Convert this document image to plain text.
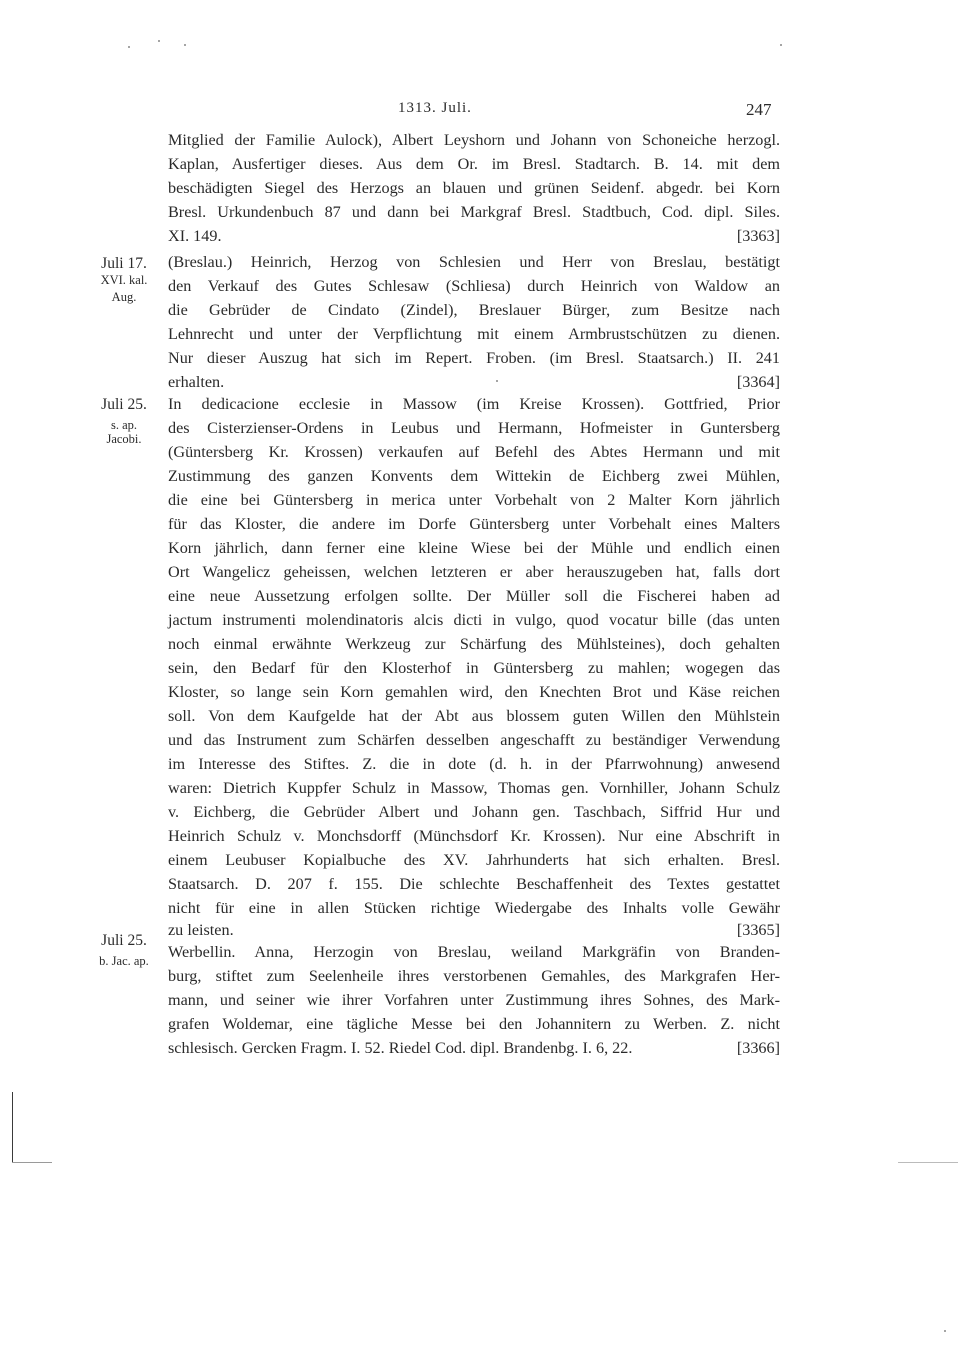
1313. Juli.	247
Juli 17.
XVI. kal.
Aug.
Juli 25.
s. ap.
Jacobi.
Juli 25.
b. Jac. ap.
Mitglied der Familie Aulock), Albert Leyshorn und Johann von Schoneiche herzogl.
Kaplan, Ausfertiger dieses. Aus dem Or. im Bresl. Stadtarch. B. 14. mit dem
beschädigten Siegel des Herzogs an blauen und grünen Seidenf. abgedr. bei Korn
Bresl. Urkundenbuch 87 und dann bei Markgraf Bresl. Stadtbuch, Cod. dipl. Siles.
XI. 149.	[3363]
(Breslau.) Heinrich, Herzog von Schlesien und Herr von Breslau, bestätigt
den Verkauf des Gutes Schlesaw (Schliesa) durch Heinrich von Waldow an
die Gebrüder de Cindato (Zindel), Breslauer Bürger, zum Besitze nach
Lehnrecht und unter der Verpflichtung mit einem Armbrustschützen zu dienen.
Nur dieser Auszug hat sich im Repert. Froben. (im Bresl. Staatsarch.) II. 241
erhalten.	[3364]
In dedicacione ecclesie in Massow (im Kreise Krossen). Gottfried, Prior
des Cisterzienser-Ordens in Leubus und Hermann, Hofmeister in Guntersberg
(Güntersberg Kr. Krossen) verkaufen auf Befehl des Abtes Hermann und mit
Zustimmung des ganzen Konvents dem Wittekin de Eichberg zwei Mühlen,
die eine bei Güntersberg in merica unter Vorbehalt von 2 Malter Korn jährlich
für das Kloster, die andere im Dorfe Güntersberg unter Vorbehalt eines Malters
Korn jährlich, dann ferner eine kleine Wiese bei der Mühle und endlich einen
Ort Wangelicz geheissen, welchen letzteren er aber herauszugeben hat, falls dort
eine neue Aussetzung erfolgen sollte. Der Müller soll die Fischerei haben ad
jactum instrumenti molendinatoris alcis dicti in vulgo, quod vocatur bille (das unten
noch einmal erwähnte Werkzeug zur Schärfung des Mühlsteines), doch gehalten
sein, den Bedarf für den Klosterhof in Güntersberg zu mahlen; wogegen das
Kloster, so lange sein Korn gemahlen wird, den Knechten Brot und Käse reichen
soll. Von dem Kaufgelde hat der Abt aus blossem guten Willen den Mühlstein
und das Instrument zum Schärfen desselben angeschafft zu beständiger Verwendung
im Interesse des Stiftes. Z. die in dote (d. h. in der Pfarrwohnung) anwesend
waren: Dietrich Kuppfer Schulz in Massow, Thomas gen. Vornhiller, Johann Schulz
v. Eichberg, die Gebrüder Albert und Johann gen. Taschbach, Siffrid Hur und
Heinrich Schulz v. Monchsdorff (Münchsdorf Kr. Krossen). Nur eine Abschrift in
einem Leubuser Kopialbuche des XV. Jahrhunderts hat sich erhalten. Bresl.
Staatsarch. D. 207 f. 155. Die schlechte Beschaffenheit des Textes gestattet
nicht für eine in allen Stücken richtige Wiedergabe des Inhalts volle Gewähr
zu leisten.	[3365]
Werbellin. Anna, Herzogin von Breslau, weiland Markgräfin von Branden-
burg, stiftet zum Seelenheile ihres verstorbenen Gemahles, des Markgrafen Her-
mann, und seiner wie ihrer Vorfahren unter Zustimmung ihres Sohnes, des Mark-
grafen Woldemar, eine tägliche Messe bei den Johannitern zu Werben. Z. nicht
schlesisch. Gercken Fragm. I. 52. Riedel Cod. dipl. Brandenbg. I. 6, 22.	[3366]
